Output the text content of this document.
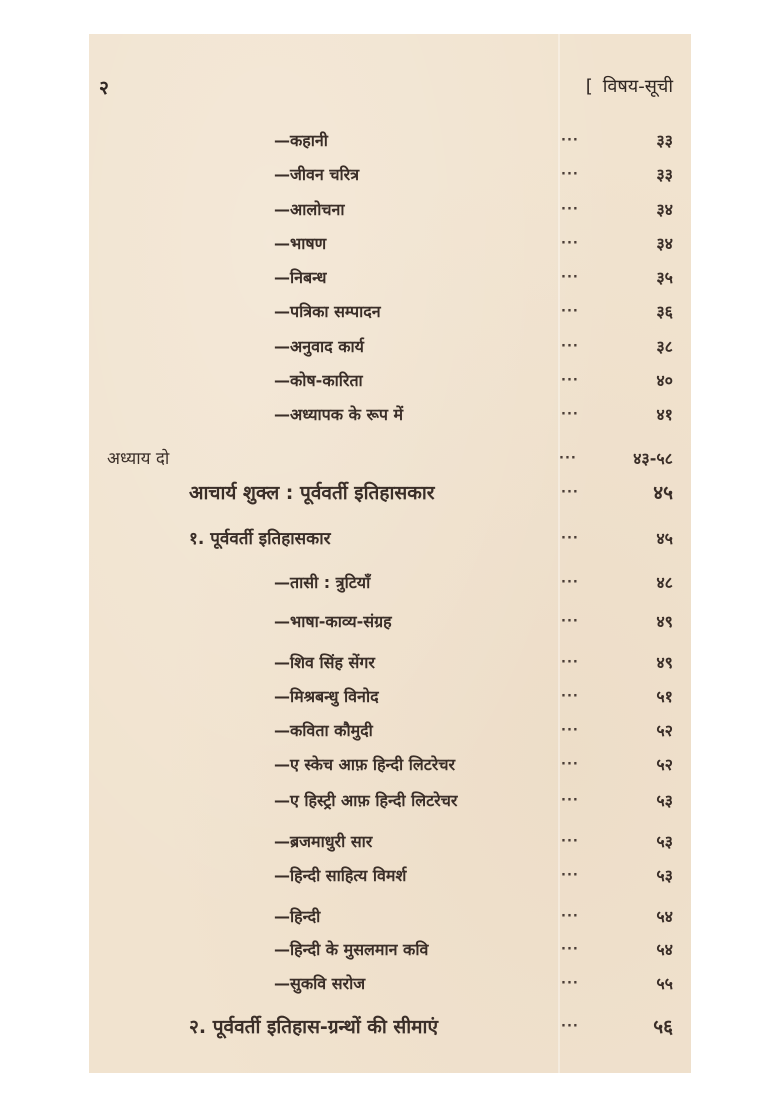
२	[ विषय-सूची
—कहानी	···	३३
—जीवन चरित्र	···	३३
—आलोचना	···	३४
—भाषण	···	३४
—निबन्ध	···	३५
—पत्रिका सम्पादन	···	३६
—अनुवाद कार्य	···	३८
—कोष-कारिता	···	४०
—अध्यापक के रूप में	···	४१
अध्याय दो	···	४३-५८
आचार्य शुक्ल : पूर्ववर्ती इतिहासकार	···	४५
१. पूर्ववर्ती इतिहासकार	···	४५
—तासी : त्रुटियाँ	···	४८
—भाषा-काव्य-संग्रह	···	४९
—शिव सिंह सेंगर	···	४९
—मिश्रबन्धु विनोद	···	५१
—कविता कौमुदी	···	५२
—ए स्केच आफ़ हिन्दी लिटरेचर	···	५२
—ए हिस्ट्री आफ़ हिन्दी लिटरेचर	···	५३
—ब्रजमाधुरी सार	···	५३
—हिन्दी साहित्य विमर्श	···	५३
—हिन्दी	···	५४
—हिन्दी के मुसलमान कवि	···	५४
—सुकवि सरोज	···	५५
२. पूर्ववर्ती इतिहास-ग्रन्थों की सीमाएं	···	५६
